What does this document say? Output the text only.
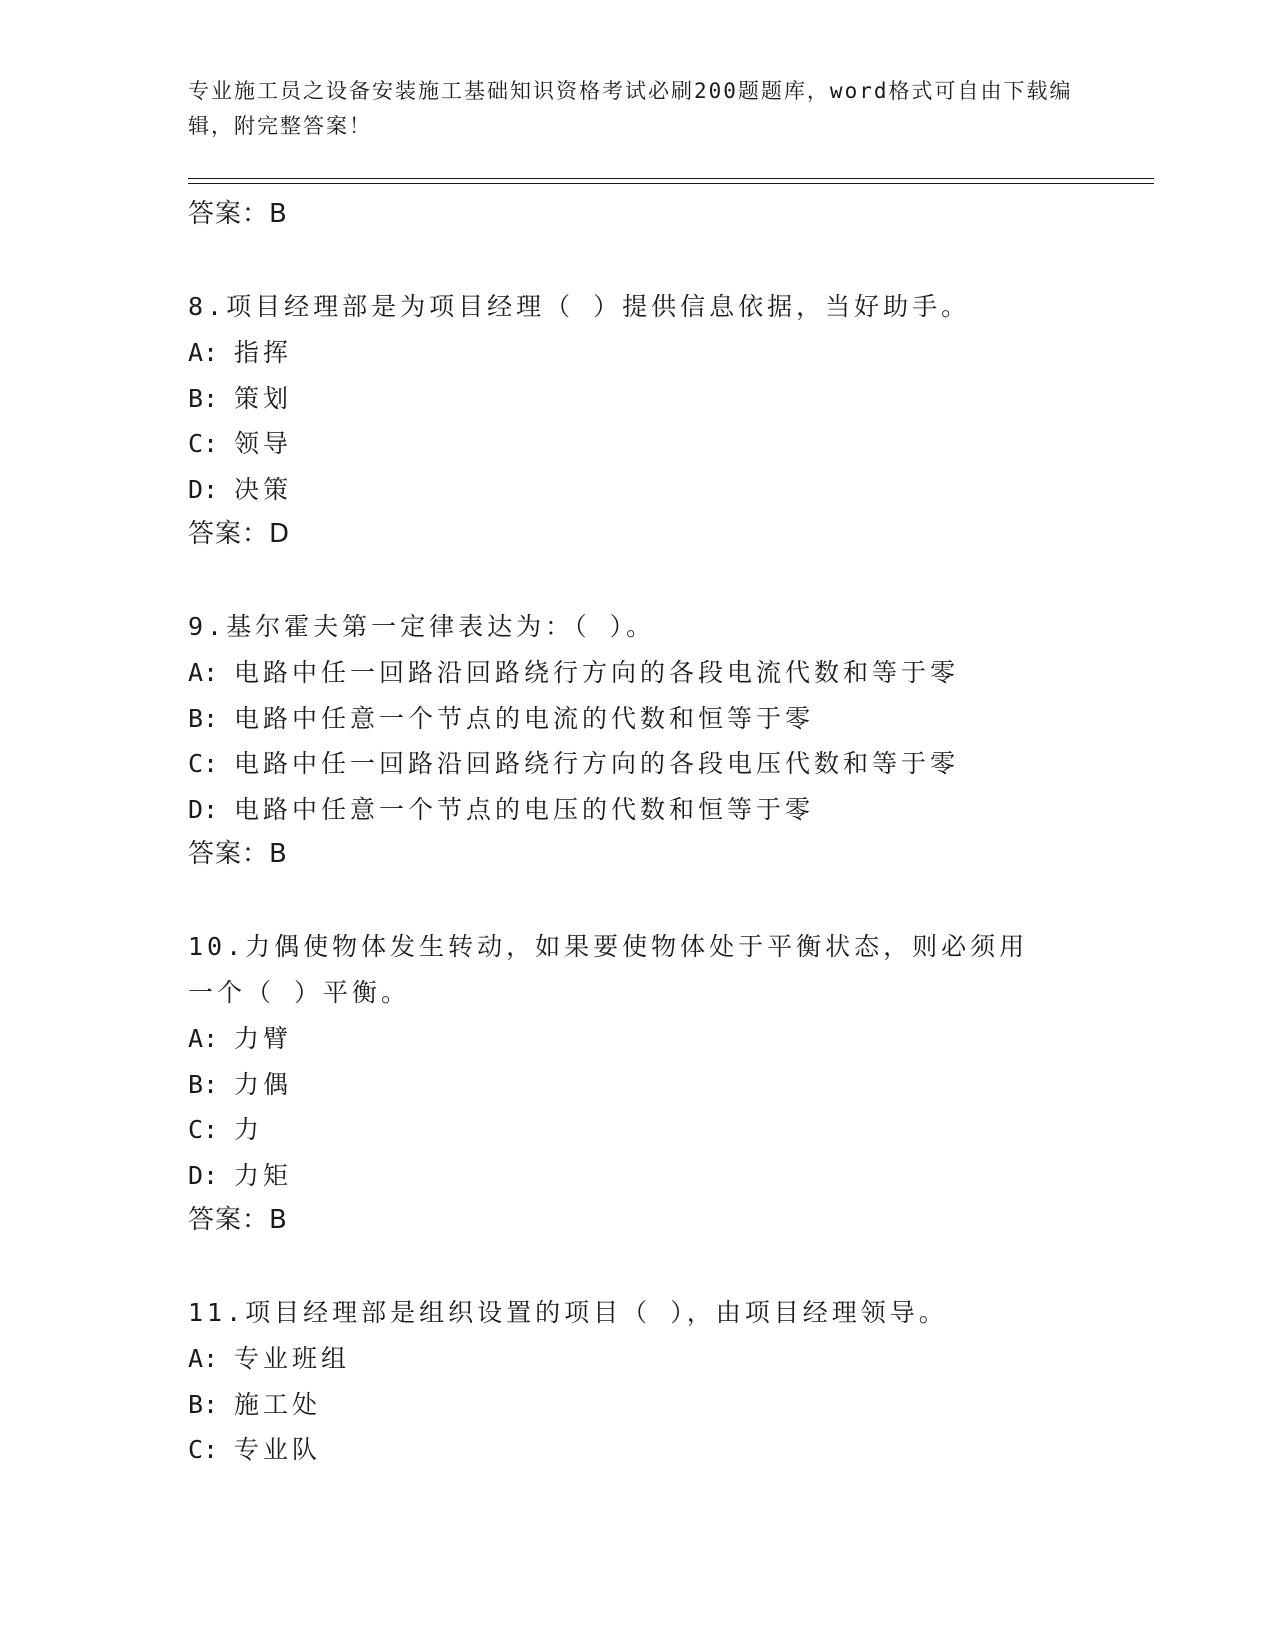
专业施工员之设备安装施工基础知识资格考试必刷200题题库，word格式可自由下载编辑，附完整答案！
答案：B
8.项目经理部是为项目经理（ ）提供信息依据，当好助手。
A: 指挥
B: 策划
C: 领导
D: 决策
答案：D
9.基尔霍夫第一定律表达为：（ ）。
A: 电路中任一回路沿回路绕行方向的各段电流代数和等于零
B: 电路中任意一个节点的电流的代数和恒等于零
C: 电路中任一回路沿回路绕行方向的各段电压代数和等于零
D: 电路中任意一个节点的电压的代数和恒等于零
答案：B
10.力偶使物体发生转动，如果要使物体处于平衡状态，则必须用一个（ ）平衡。
A: 力臂
B: 力偶
C: 力
D: 力矩
答案：B
11.项目经理部是组织设置的项目（ ），由项目经理领导。
A: 专业班组
B: 施工处
C: 专业队
